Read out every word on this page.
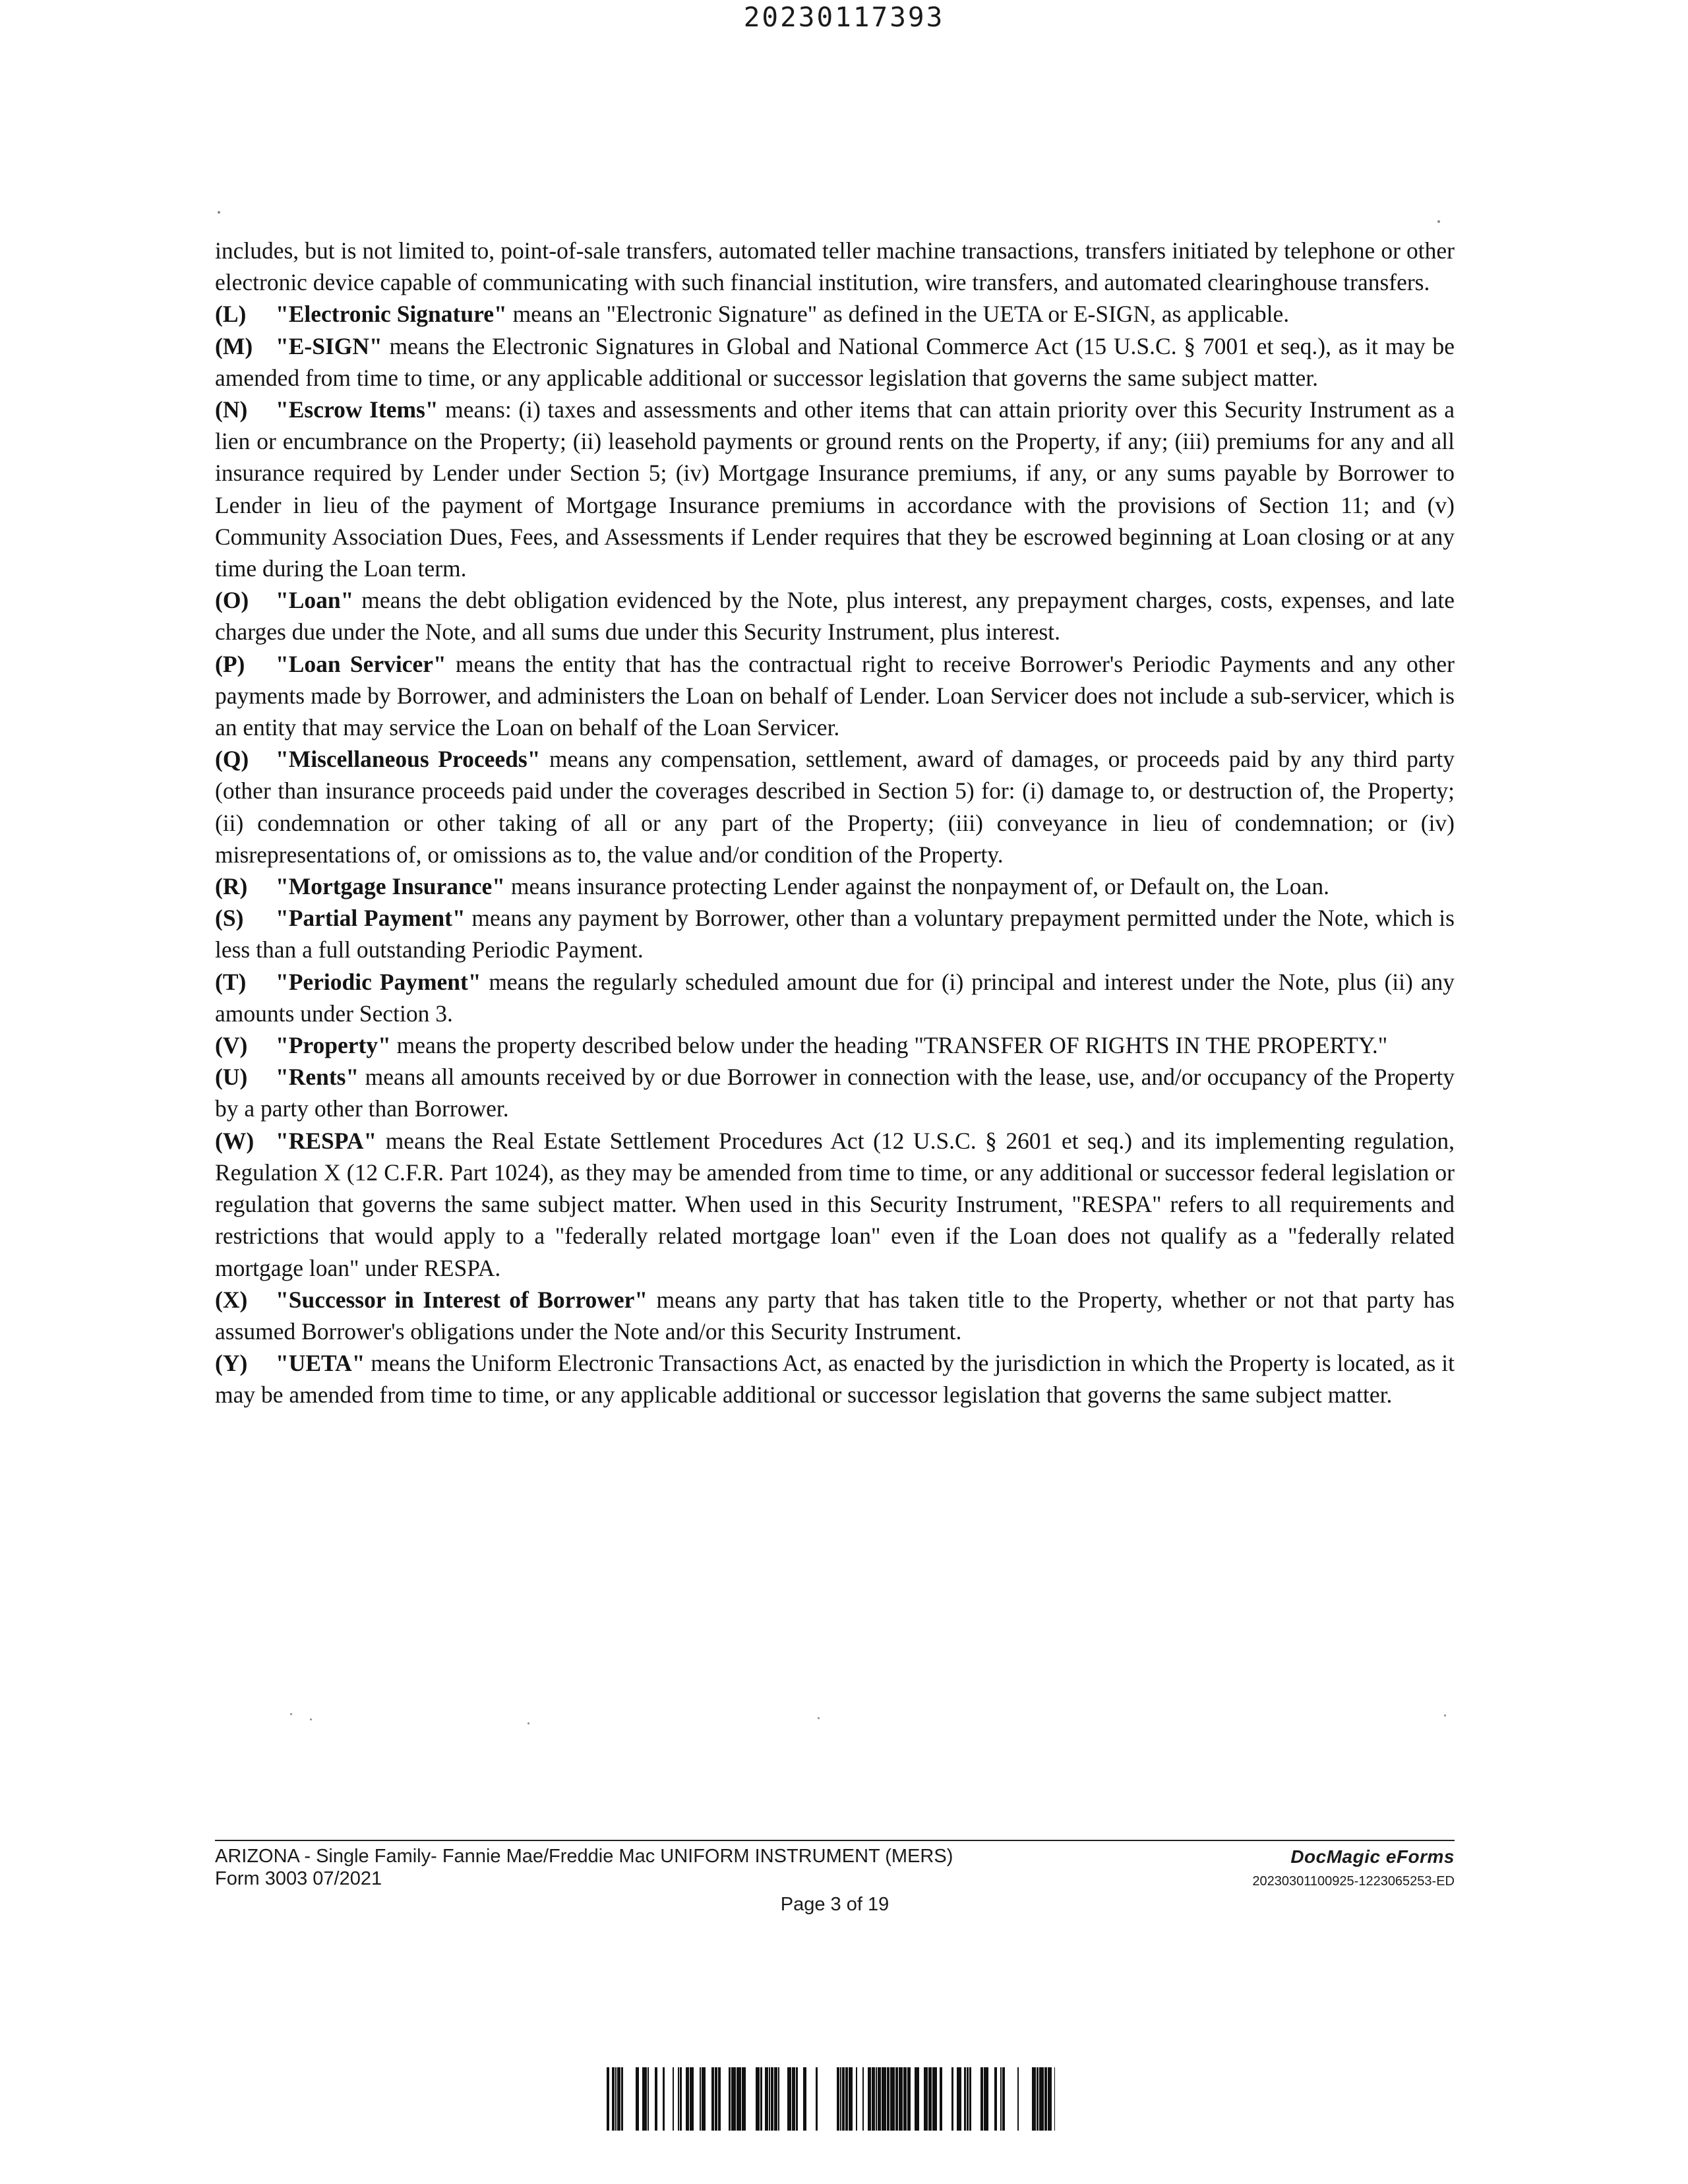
20230117393

includes, but is not limited to, point-of-sale transfers, automated teller machine transactions, transfers initiated by telephone or other electronic device capable of communicating with such financial institution, wire transfers, and automated clearinghouse transfers.

(L) "Electronic Signature" means an "Electronic Signature" as defined in the UETA or E-SIGN, as applicable.

(M) "E-SIGN" means the Electronic Signatures in Global and National Commerce Act (15 U.S.C. § 7001 et seq.), as it may be amended from time to time, or any applicable additional or successor legislation that governs the same subject matter.

(N) "Escrow Items" means: (i) taxes and assessments and other items that can attain priority over this Security Instrument as a lien or encumbrance on the Property; (ii) leasehold payments or ground rents on the Property, if any; (iii) premiums for any and all insurance required by Lender under Section 5; (iv) Mortgage Insurance premiums, if any, or any sums payable by Borrower to Lender in lieu of the payment of Mortgage Insurance premiums in accordance with the provisions of Section 11; and (v) Community Association Dues, Fees, and Assessments if Lender requires that they be escrowed beginning at Loan closing or at any time during the Loan term.

(O) "Loan" means the debt obligation evidenced by the Note, plus interest, any prepayment charges, costs, expenses, and late charges due under the Note, and all sums due under this Security Instrument, plus interest.

(P) "Loan Servicer" means the entity that has the contractual right to receive Borrower's Periodic Payments and any other payments made by Borrower, and administers the Loan on behalf of Lender. Loan Servicer does not include a sub-servicer, which is an entity that may service the Loan on behalf of the Loan Servicer.

(Q) "Miscellaneous Proceeds" means any compensation, settlement, award of damages, or proceeds paid by any third party (other than insurance proceeds paid under the coverages described in Section 5) for: (i) damage to, or destruction of, the Property; (ii) condemnation or other taking of all or any part of the Property; (iii) conveyance in lieu of condemnation; or (iv) misrepresentations of, or omissions as to, the value and/or condition of the Property.

(R) "Mortgage Insurance" means insurance protecting Lender against the nonpayment of, or Default on, the Loan.

(S) "Partial Payment" means any payment by Borrower, other than a voluntary prepayment permitted under the Note, which is less than a full outstanding Periodic Payment.

(T) "Periodic Payment" means the regularly scheduled amount due for (i) principal and interest under the Note, plus (ii) any amounts under Section 3.

(V) "Property" means the property described below under the heading "TRANSFER OF RIGHTS IN THE PROPERTY."

(U) "Rents" means all amounts received by or due Borrower in connection with the lease, use, and/or occupancy of the Property by a party other than Borrower.

(W) "RESPA" means the Real Estate Settlement Procedures Act (12 U.S.C. § 2601 et seq.) and its implementing regulation, Regulation X (12 C.F.R. Part 1024), as they may be amended from time to time, or any additional or successor federal legislation or regulation that governs the same subject matter. When used in this Security Instrument, "RESPA" refers to all requirements and restrictions that would apply to a "federally related mortgage loan" even if the Loan does not qualify as a "federally related mortgage loan" under RESPA.

(X) "Successor in Interest of Borrower" means any party that has taken title to the Property, whether or not that party has assumed Borrower's obligations under the Note and/or this Security Instrument.

(Y) "UETA" means the Uniform Electronic Transactions Act, as enacted by the jurisdiction in which the Property is located, as it may be amended from time to time, or any applicable additional or successor legislation that governs the same subject matter.

ARIZONA - Single Family- Fannie Mae/Freddie Mac UNIFORM INSTRUMENT (MERS)
Form 3003 07/2021
DocMagic eForms
20230301100925-1223065253-ED
Page 3 of 19
